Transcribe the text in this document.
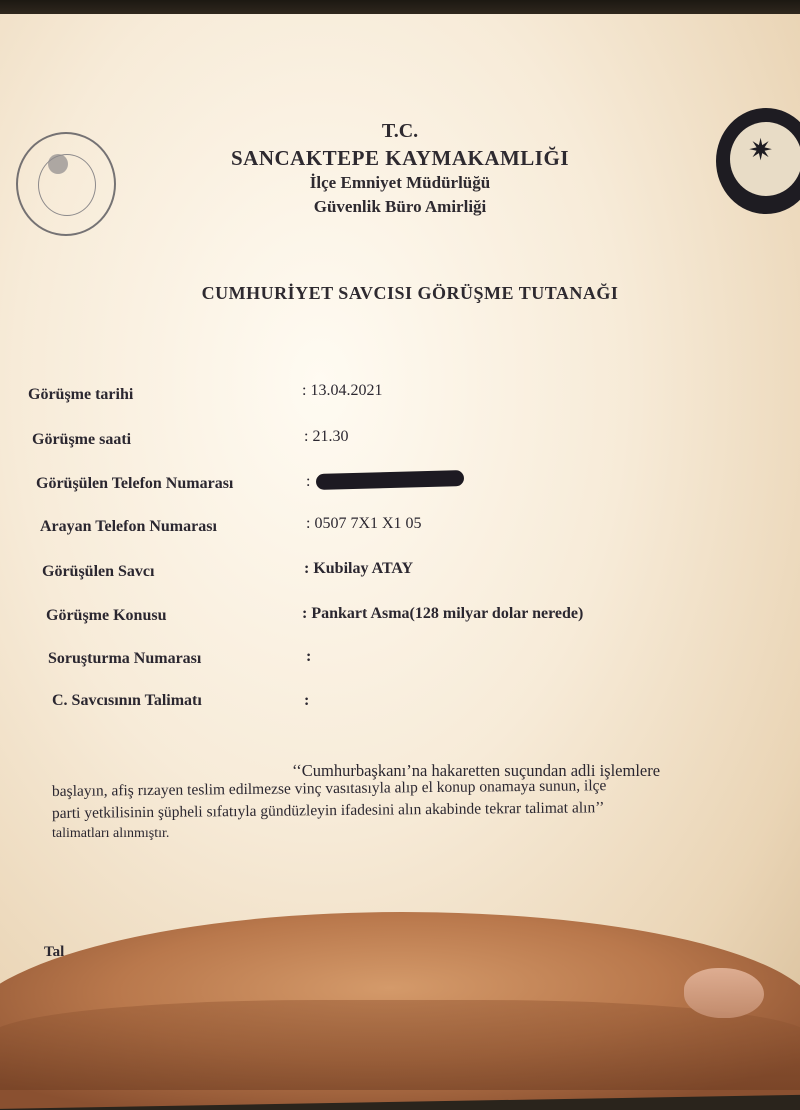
✷
T.C.
SANCAKTEPE KAYMAKAMLIĞI
İlçe Emniyet Müdürlüğü
Güvenlik Büro Amirliği
CUMHURİYET SAVCISI GÖRÜŞME TUTANAĞI
Görüşme tarihi	: 13.04.2021
Görüşme saati	: 21.30
Görüşülen Telefon Numarası	:
Arayan Telefon Numarası	: 0507 7X1 X1 05
Görüşülen Savcı	: Kubilay ATAY
Görüşme Konusu	: Pankart Asma(128 milyar dolar nerede)
Soruşturma Numarası	:
C. Savcısının Talimatı	:
‘‘Cumhurbaşkanı’na hakaretten suçundan adli işlemlere
başlayın, afiş rızayen teslim edilmezse vinç vasıtasıyla alıp el konup onamaya sunun, ilçe
parti yetkilisinin şüpheli sıfatıyla gündüzleyin ifadesini alın akabinde tekrar talimat alın’’
talimatları alınmıştır.
Tal
